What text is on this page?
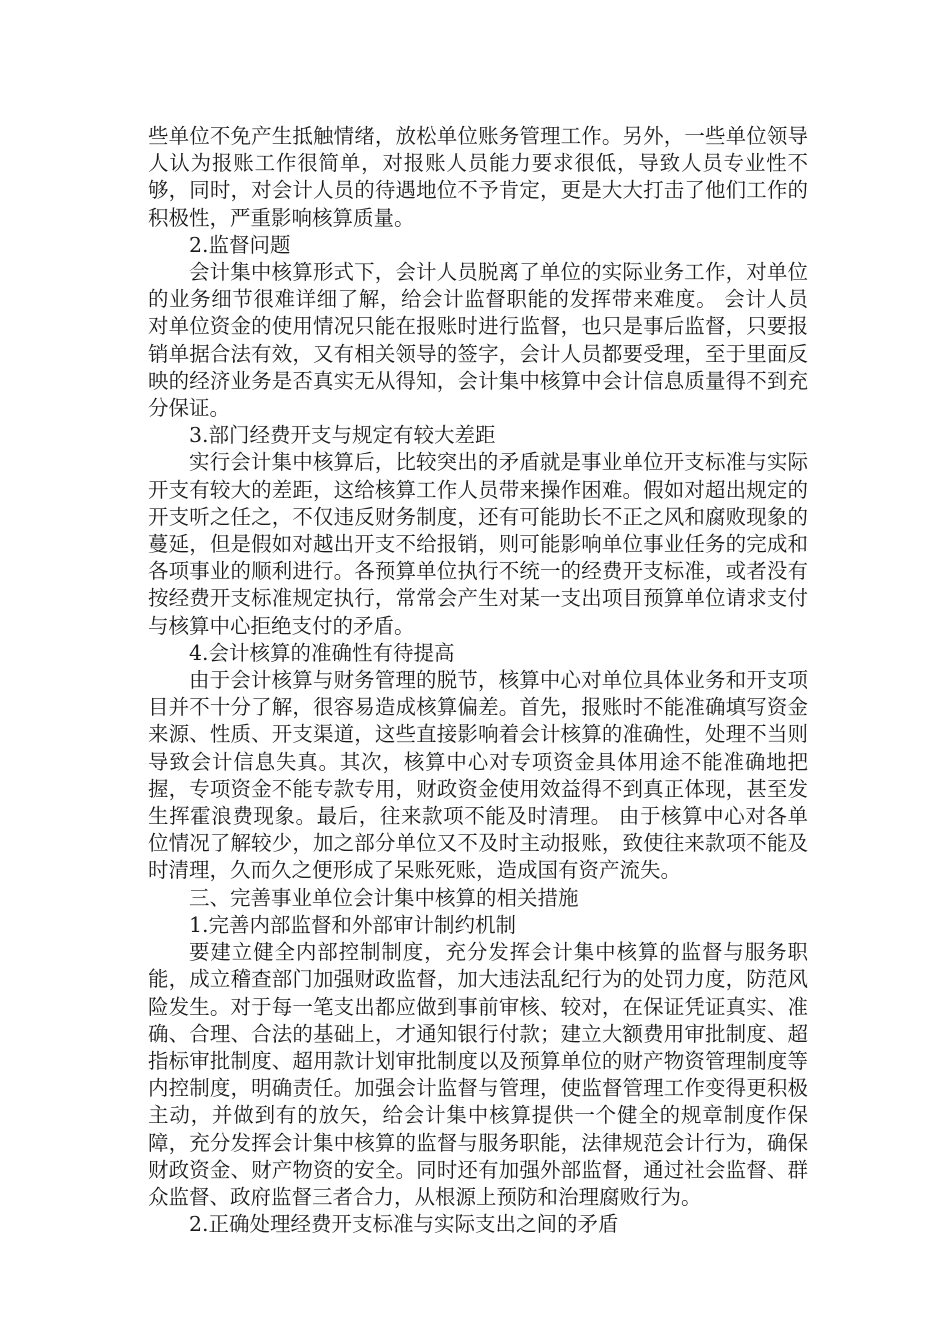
些单位不免产生抵触情绪，放松单位账务管理工作。另外，一些单位领导人认为报账工作很简单，对报账人员能力要求很低，导致人员专业性不够，同时，对会计人员的待遇地位不予肯定，更是大大打击了他们工作的积极性，严重影响核算质量。

2.监督问题

会计集中核算形式下，会计人员脱离了单位的实际业务工作，对单位的业务细节很难详细了解，给会计监督职能的发挥带来难度。 会计人员对单位资金的使用情况只能在报账时进行监督，也只是事后监督，只要报销单据合法有效，又有相关领导的签字，会计人员都要受理，至于里面反映的经济业务是否真实无从得知，会计集中核算中会计信息质量得不到充分保证。

3.部门经费开支与规定有较大差距

实行会计集中核算后，比较突出的矛盾就是事业单位开支标准与实际开支有较大的差距，这给核算工作人员带来操作困难。假如对超出规定的开支听之任之，不仅违反财务制度，还有可能助长不正之风和腐败现象的蔓延，但是假如对越出开支不给报销，则可能影响单位事业任务的完成和各项事业的顺利进行。各预算单位执行不统一的经费开支标准，或者没有按经费开支标准规定执行，常常会产生对某一支出项目预算单位请求支付与核算中心拒绝支付的矛盾。

4.会计核算的准确性有待提高

由于会计核算与财务管理的脱节，核算中心对单位具体业务和开支项目并不十分了解，很容易造成核算偏差。首先，报账时不能准确填写资金来源、性质、开支渠道，这些直接影响着会计核算的准确性，处理不当则导致会计信息失真。其次，核算中心对专项资金具体用途不能准确地把握，专项资金不能专款专用，财政资金使用效益得不到真正体现，甚至发生挥霍浪费现象。最后，往来款项不能及时清理。 由于核算中心对各单位情况了解较少，加之部分单位又不及时主动报账，致使往来款项不能及时清理，久而久之便形成了呆账死账，造成国有资产流失。

三、完善事业单位会计集中核算的相关措施

1.完善内部监督和外部审计制约机制

要建立健全内部控制制度，充分发挥会计集中核算的监督与服务职能，成立稽查部门加强财政监督，加大违法乱纪行为的处罚力度，防范风险发生。对于每一笔支出都应做到事前审核、较对，在保证凭证真实、准确、合理、合法的基础上，才通知银行付款；建立大额费用审批制度、超指标审批制度、超用款计划审批制度以及预算单位的财产物资管理制度等内控制度，明确责任。加强会计监督与管理，使监督管理工作变得更积极主动，并做到有的放矢，给会计集中核算提供一个健全的规章制度作保障，充分发挥会计集中核算的监督与服务职能，法律规范会计行为，确保财政资金、财产物资的安全。同时还有加强外部监督，通过社会监督、群众监督、政府监督三者合力，从根源上预防和治理腐败行为。

2.正确处理经费开支标准与实际支出之间的矛盾
